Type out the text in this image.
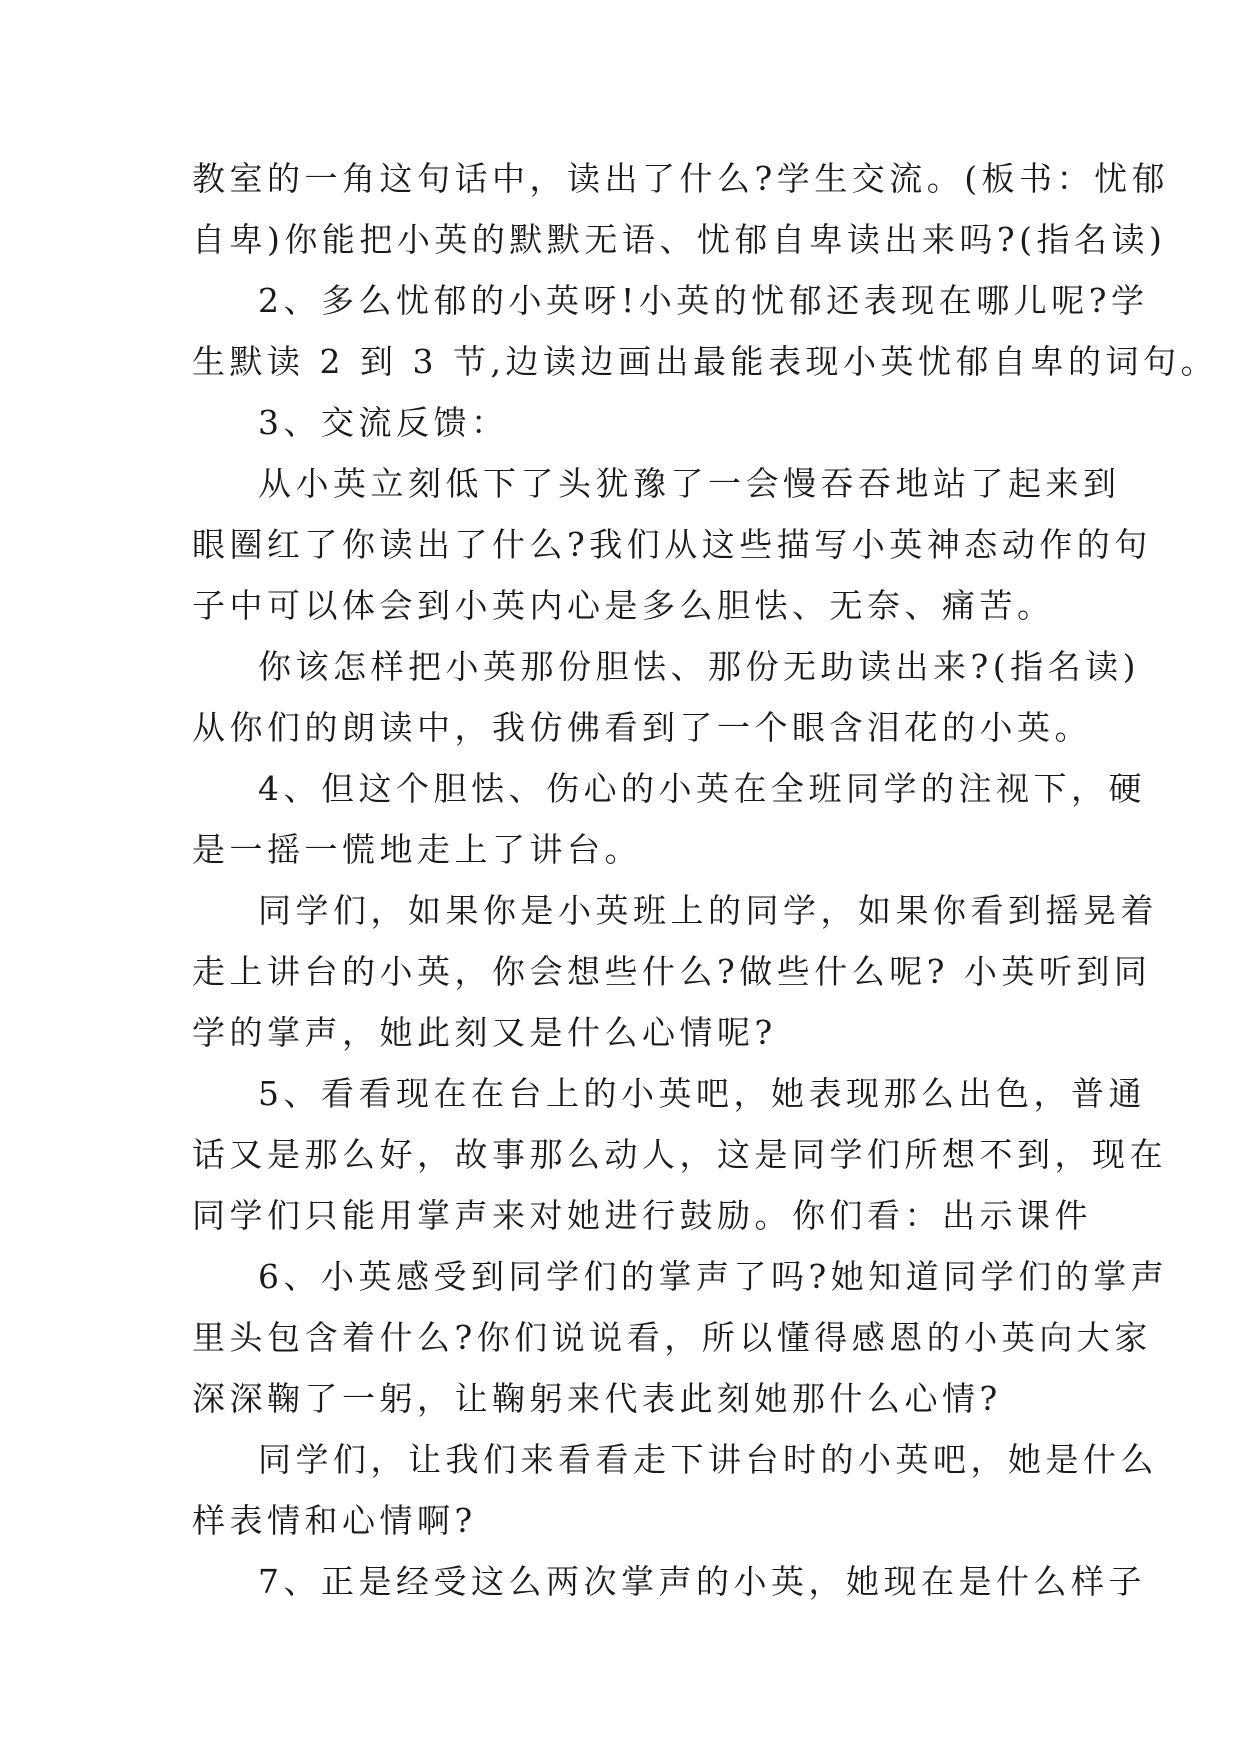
教室的一角这句话中，读出了什么?学生交流。(板书：忧郁

自卑)你能把小英的默默无语、忧郁自卑读出来吗?(指名读)

2、多么忧郁的小英呀!小英的忧郁还表现在哪儿呢?学

生默读 2 到 3 节,边读边画出最能表现小英忧郁自卑的词句。

3、交流反馈：

从小英立刻低下了头犹豫了一会慢吞吞地站了起来到

眼圈红了你读出了什么?我们从这些描写小英神态动作的句

子中可以体会到小英内心是多么胆怯、无奈、痛苦。

你该怎样把小英那份胆怯、那份无助读出来?(指名读)

从你们的朗读中，我仿佛看到了一个眼含泪花的小英。

4、但这个胆怯、伤心的小英在全班同学的注视下，硬

是一摇一慌地走上了讲台。

同学们，如果你是小英班上的同学，如果你看到摇晃着

走上讲台的小英，你会想些什么?做些什么呢? 小英听到同

学的掌声，她此刻又是什么心情呢?

5、看看现在在台上的小英吧，她表现那么出色，普通

话又是那么好，故事那么动人，这是同学们所想不到，现在

同学们只能用掌声来对她进行鼓励。你们看：出示课件

6、小英感受到同学们的掌声了吗?她知道同学们的掌声

里头包含着什么?你们说说看，所以懂得感恩的小英向大家

深深鞠了一躬，让鞠躬来代表此刻她那什么心情?

同学们，让我们来看看走下讲台时的小英吧，她是什么

样表情和心情啊?

7、正是经受这么两次掌声的小英，她现在是什么样子
